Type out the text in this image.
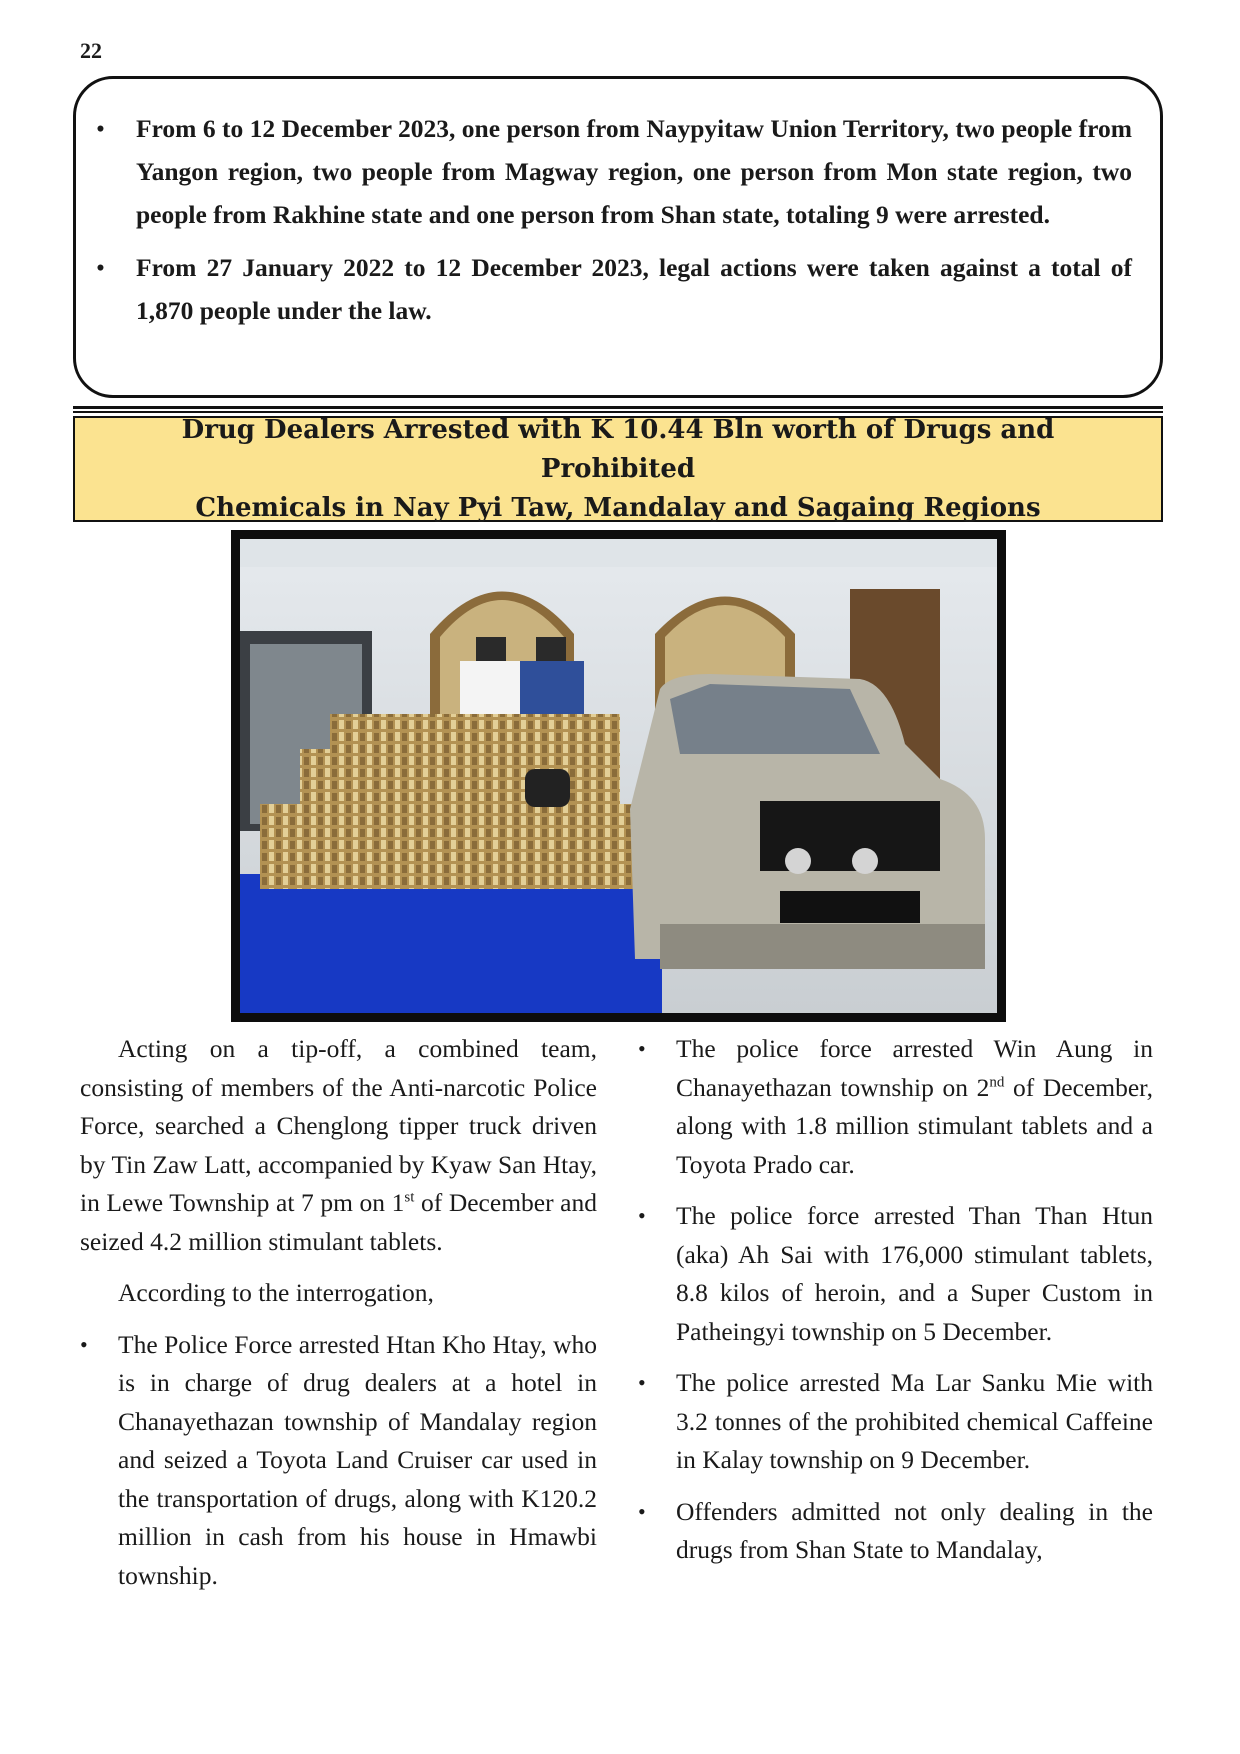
22
• From 6 to 12 December 2023, one person from Naypyitaw Union Territory, two people from Yangon region, two people from Magway region, one person from Mon state region, two people from Rakhine state and one person from Shan state, totaling 9 were arrested.
• From 27 January 2022 to 12 December 2023, legal actions were taken against a total of 1,870 people under the law.
Drug Dealers Arrested with K 10.44 Bln worth of Drugs and Prohibited
Chemicals in Nay Pyi Taw, Mandalay and Sagaing Regions

Acting on a tip-off, a combined team, consisting of members of the Anti-narcotic Police Force, searched a Chenglong tipper truck driven by Tin Zaw Latt, accompanied by Kyaw San Htay, in Lewe Township at 7 pm on 1st of December and seized 4.2 million stimulant tablets.

According to the interrogation,

• The Police Force arrested Htan Kho Htay, who is in charge of drug dealers at a hotel in Chanayethazan township of Mandalay region and seized a Toyota Land Cruiser car used in the transportation of drugs, along with K120.2 million in cash from his house in Hmawbi township.
• The police force arrested Win Aung in Chanayethazan township on 2nd of December, along with 1.8 million stimulant tablets and a Toyota Prado car.
• The police force arrested Than Than Htun (aka) Ah Sai with 176,000 stimulant tablets, 8.8 kilos of heroin, and a Super Custom in Patheingyi township on 5 December.
• The police arrested Ma Lar Sanku Mie with 3.2 tonnes of the prohibited chemical Caffeine in Kalay township on 9 December.
• Offenders admitted not only dealing in the drugs from Shan State to Mandalay,
